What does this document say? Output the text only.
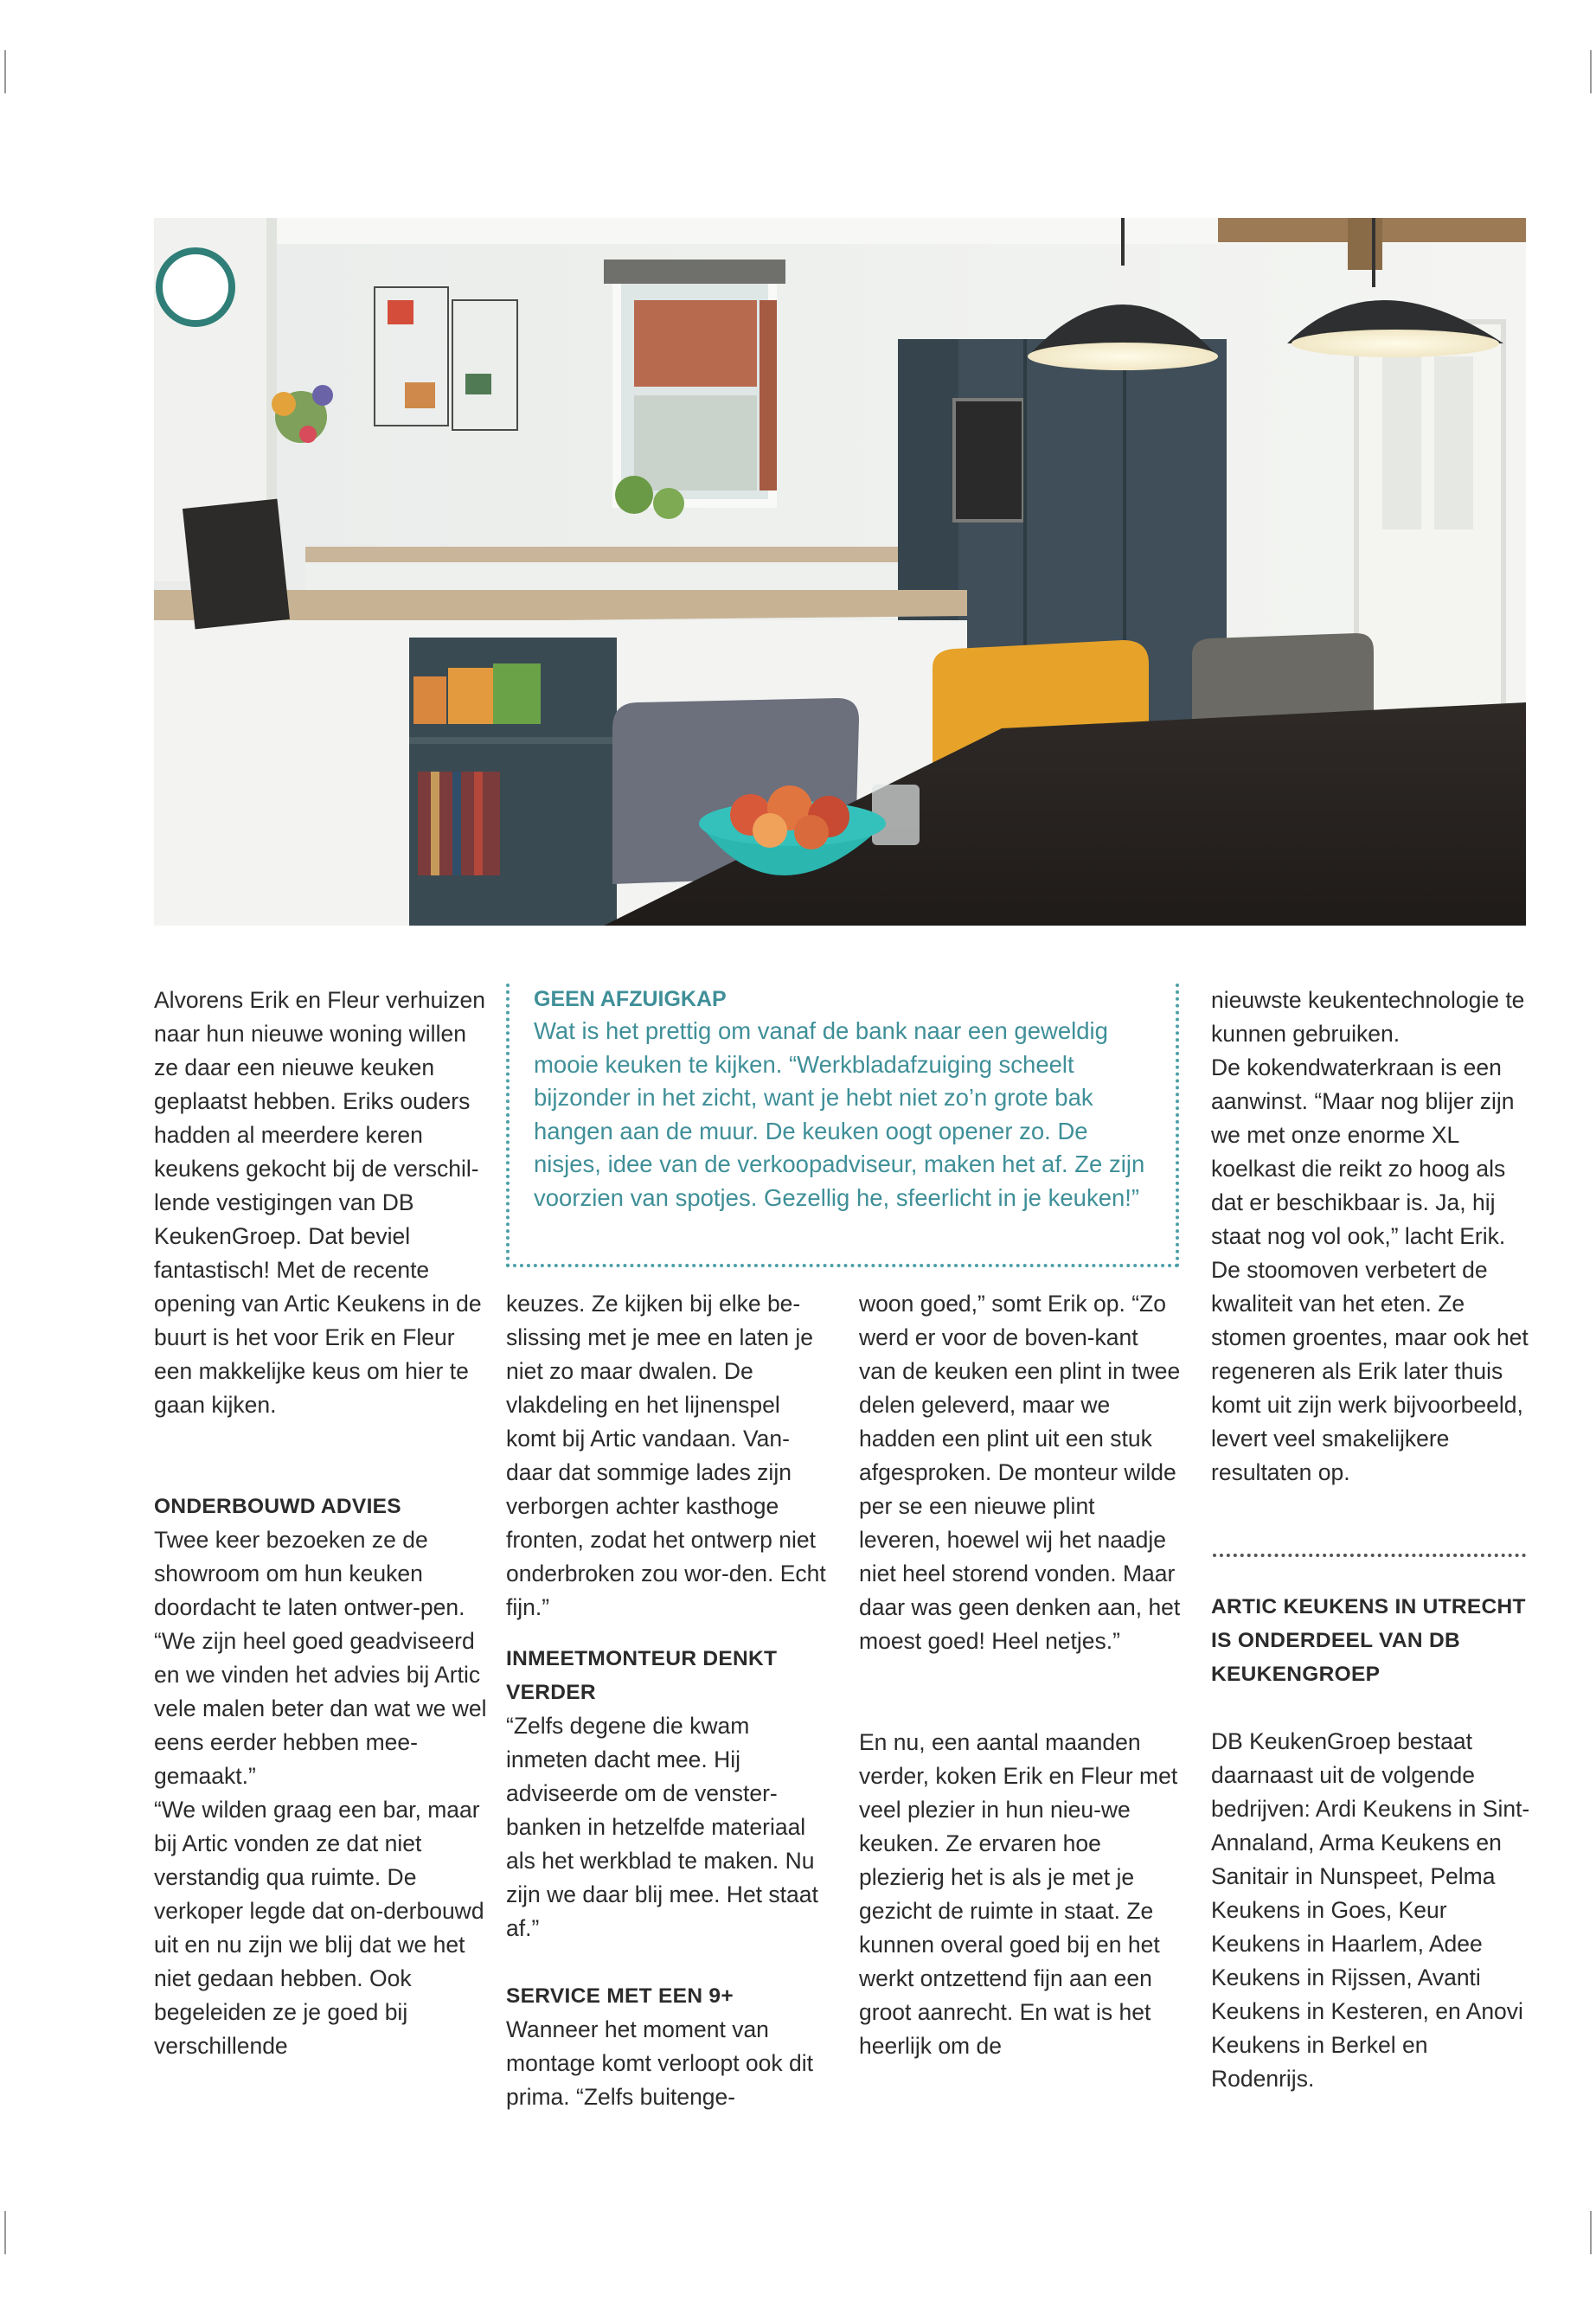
Alvorens Erik en Fleur verhuizen naar hun nieuwe woning willen ze daar een nieuwe keuken geplaatst hebben. Eriks ouders hadden al meerdere keren keukens gekocht bij de verschil-lende vestigingen van DB KeukenGroep. Dat beviel fantastisch! Met de recente opening van Artic Keukens in de buurt is het voor Erik en Fleur een makkelijke keus om hier te gaan kijken.

ONDERBOUWD ADVIES

Twee keer bezoeken ze de showroom om hun keuken doordacht te laten ontwer-pen. “We zijn heel goed geadviseerd en we vinden het advies bij Artic vele malen beter dan wat we wel eens eerder hebben mee-gemaakt.”

“We wilden graag een bar, maar bij Artic vonden ze dat niet verstandig qua ruimte. De verkoper legde dat on-derbouwd uit en nu zijn we blij dat we het niet gedaan hebben. Ook begeleiden ze je goed bij verschillende

GEEN AFZUIGKAP

Wat is het prettig om vanaf de bank naar een geweldig mooie keuken te kijken. “Werkbladafzuiging scheelt bijzonder in het zicht, want je hebt niet zo’n grote bak hangen aan de muur. De keuken oogt opener zo. De nisjes, idee van de verkoopadviseur, maken het af. Ze zijn voorzien van spotjes. Gezellig he, sfeerlicht in je keuken!”

keuzes. Ze kijken bij elke be-slissing met je mee en laten je niet zo maar dwalen. De vlakdeling en het lijnenspel komt bij Artic vandaan. Van-daar dat sommige lades zijn verborgen achter kasthoge fronten, zodat het ontwerp niet onderbroken zou wor-den. Echt fijn.”

INMEETMONTEUR DENKT VERDER

“Zelfs degene die kwam inmeten dacht mee. Hij adviseerde om de venster-banken in hetzelfde materiaal als het werkblad te maken. Nu zijn we daar blij mee. Het staat af.”

SERVICE MET EEN 9+

Wanneer het moment van montage komt verloopt ook dit prima. “Zelfs buitenge-

woon goed,” somt Erik op. “Zo werd er voor de boven-kant van de keuken een plint in twee delen geleverd, maar we hadden een plint uit een stuk afgesproken. De monteur wilde per se een nieuwe plint leveren, hoewel wij het naadje niet heel storend vonden. Maar daar was geen denken aan, het moest goed! Heel netjes.”

En nu, een aantal maanden verder, koken Erik en Fleur met veel plezier in hun nieu-we keuken. Ze ervaren hoe plezierig het is als je met je gezicht de ruimte in staat. Ze kunnen overal goed bij en het werkt ontzettend fijn aan een groot aanrecht. En wat is het heerlijk om de

nieuwste keukentechnologie te kunnen gebruiken.

De kokendwaterkraan is een aanwinst. “Maar nog blijer zijn we met onze enorme XL koelkast die reikt zo hoog als dat er beschikbaar is. Ja, hij staat nog vol ook,” lacht Erik.

De stoomoven verbetert de kwaliteit van het eten. Ze stomen groentes, maar ook het regeneren als Erik later thuis komt uit zijn werk bijvoorbeeld, levert veel smakelijkere resultaten op.

ARTIC KEUKENS IN UTRECHT IS ONDERDEEL VAN DB KEUKENGROEP

DB KeukenGroep bestaat daarnaast uit de volgende bedrijven: Ardi Keukens in Sint-Annaland, Arma Keukens en Sanitair in Nunspeet, Pelma Keukens in Goes, Keur Keukens in Haarlem, Adee Keukens in Rijssen, Avanti Keukens in Kesteren, en Anovi Keukens in Berkel en Rodenrijs.
